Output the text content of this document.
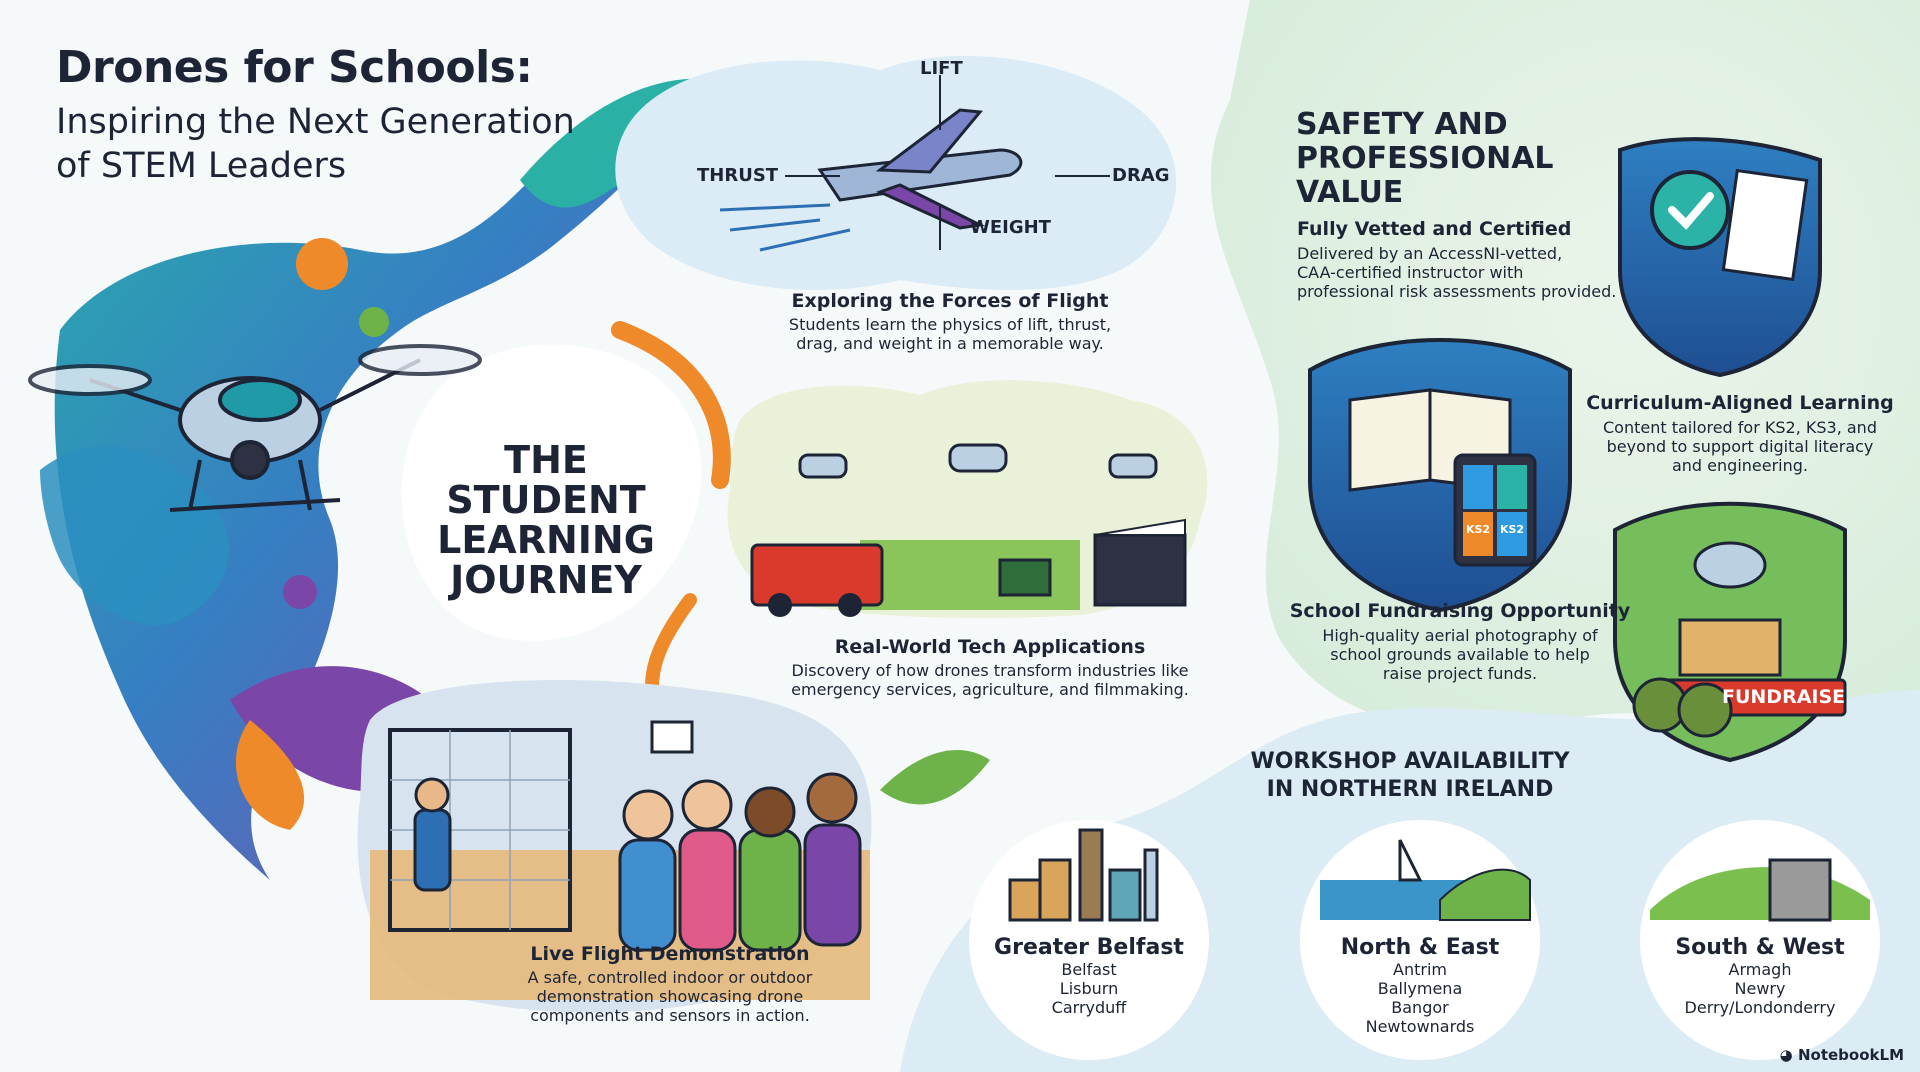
Drones for Schools:
Inspiring the Next Generation
of STEM Leaders
THE
STUDENT
LEARNING
JOURNEY
LIFT
THRUST	DRAG
WEIGHT
Exploring the Forces of Flight
Students learn the physics of lift, thrust,
drag, and weight in a memorable way.
Real-World Tech Applications
Discovery of how drones transform industries like
emergency services, agriculture, and filmmaking.
Live Flight Demonstration
A safe, controlled indoor or outdoor
demonstration showcasing drone
components and sensors in action.
SAFETY AND
PROFESSIONAL
VALUE
Fully Vetted and Certified
Delivered by an AccessNI-vetted,
CAA-certified instructor with
professional risk assessments provided.
Curriculum-Aligned Learning
Content tailored for KS2, KS3, and
beyond to support digital literacy
and engineering.
School Fundraising Opportunity
High-quality aerial photography of
school grounds available to help
raise project funds.
KS2 KS2
FUNDRAISE
WORKSHOP AVAILABILITY
IN NORTHERN IRELAND
Greater Belfast
Belfast
Lisburn
Carryduff
North & East
Antrim
Ballymena
Bangor
Newtownards
South & West
Armagh
Newry
Derry/Londonderry
◕ NotebookLM
